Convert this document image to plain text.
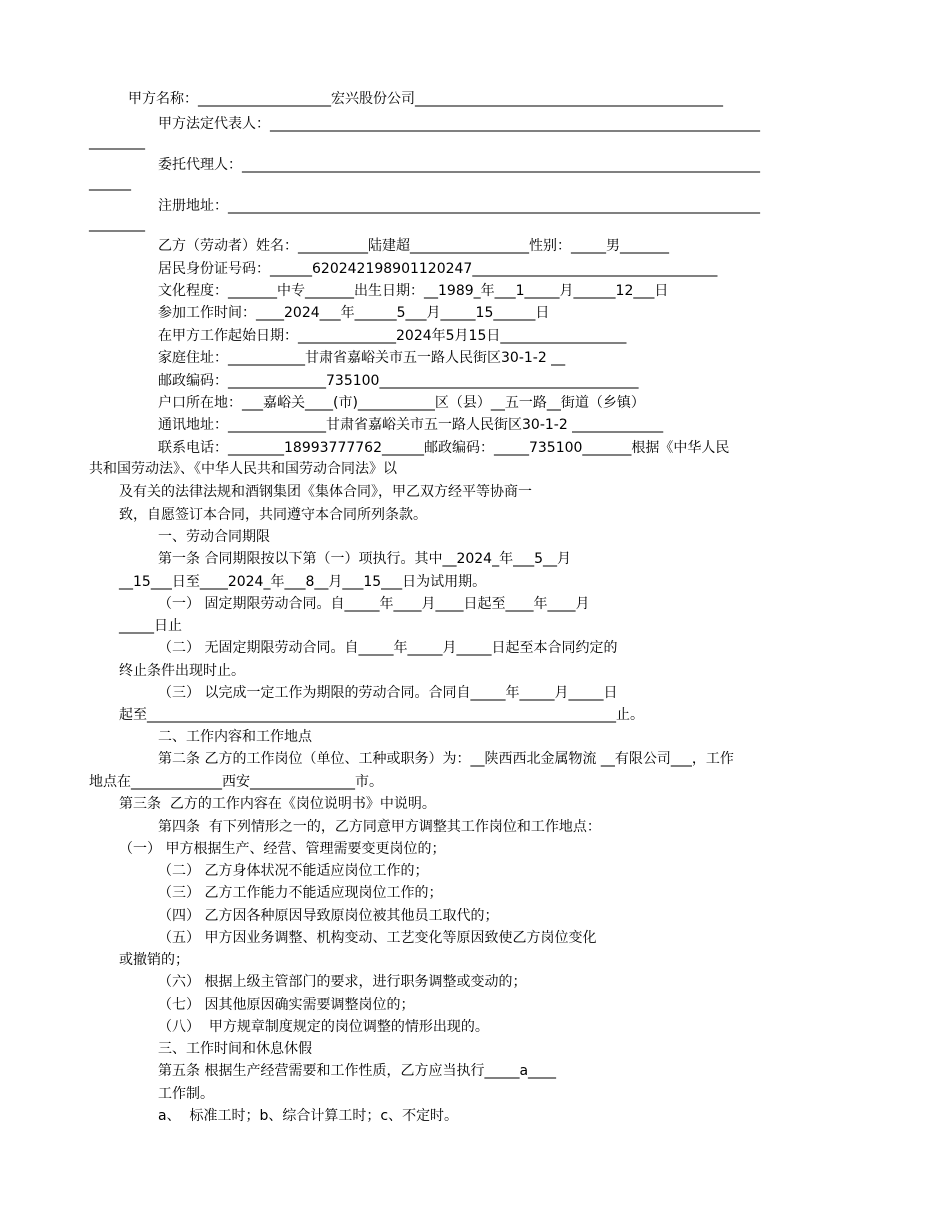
甲方名称：___________________宏兴股份公司____________________________________________
甲方法定代表人：______________________________________________________________________
________
委托代理人：__________________________________________________________________________
______
注册地址：____________________________________________________________________________
________
乙方（劳动者）姓名：__________陆建超_________________性别：_____男_______
居民身份证号码：______620242198901120247___________________________________
文化程度：_______中专_______出生日期：__1989_年___1_____月______12___日
参加工作时间：____2024___年______5___月_____15______日
在甲方工作起始日期：______________2024年5月15日__________________
家庭住址：___________甘肃省嘉峪关市五一路人民街区30-1-2 __
邮政编码：______________735100_____________________________________
户口所在地：___嘉峪关____(市)___________区（县）__五一路__街道（乡镇）
通讯地址：______________甘肃省嘉峪关市五一路人民街区30-1-2 _____________
联系电话：________18993777762______邮政编码：_____735100_______根据《中华人民
共和国劳动法》、《中华人民共和国劳动合同法》以
及有关的法律法规和酒钢集团《集体合同》，甲乙双方经平等协商一
致，自愿签订本合同，共同遵守本合同所列条款。
一、劳动合同期限
第一条 合同期限按以下第（一）项执行。其中__2024_年___5__月
__15___日至____2024_年___8__月___15___日为试用期。
（一） 固定期限劳动合同。自_____年____月____日起至____年____月
_____日止
（二） 无固定期限劳动合同。自_____年_____月_____日起至本合同约定的
终止条件出现时止。
（三） 以完成一定工作为期限的劳动合同。合同自_____年_____月_____日
起至___________________________________________________________________止。
二、工作内容和工作地点
第二条 乙方的工作岗位（单位、工种或职务）为：__陕西西北金属物流 __有限公司___，工作
地点在_____________西安_______________市。
第三条  乙方的工作内容在《岗位说明书》中说明。
第四条  有下列情形之一的，乙方同意甲方调整其工作岗位和工作地点：
（一） 甲方根据生产、经营、管理需要变更岗位的；
（二） 乙方身体状况不能适应岗位工作的；
（三） 乙方工作能力不能适应现岗位工作的；
（四） 乙方因各种原因导致原岗位被其他员工取代的；
（五） 甲方因业务调整、机构变动、工艺变化等原因致使乙方岗位变化
或撤销的；
（六） 根据上级主管部门的要求，进行职务调整或变动的；
（七） 因其他原因确实需要调整岗位的；
（八）  甲方规章制度规定的岗位调整的情形出现的。
三、工作时间和休息休假
第五条 根据生产经营需要和工作性质，乙方应当执行_____a____
工作制。
a、  标准工时；b、综合计算工时；c、不定时。
